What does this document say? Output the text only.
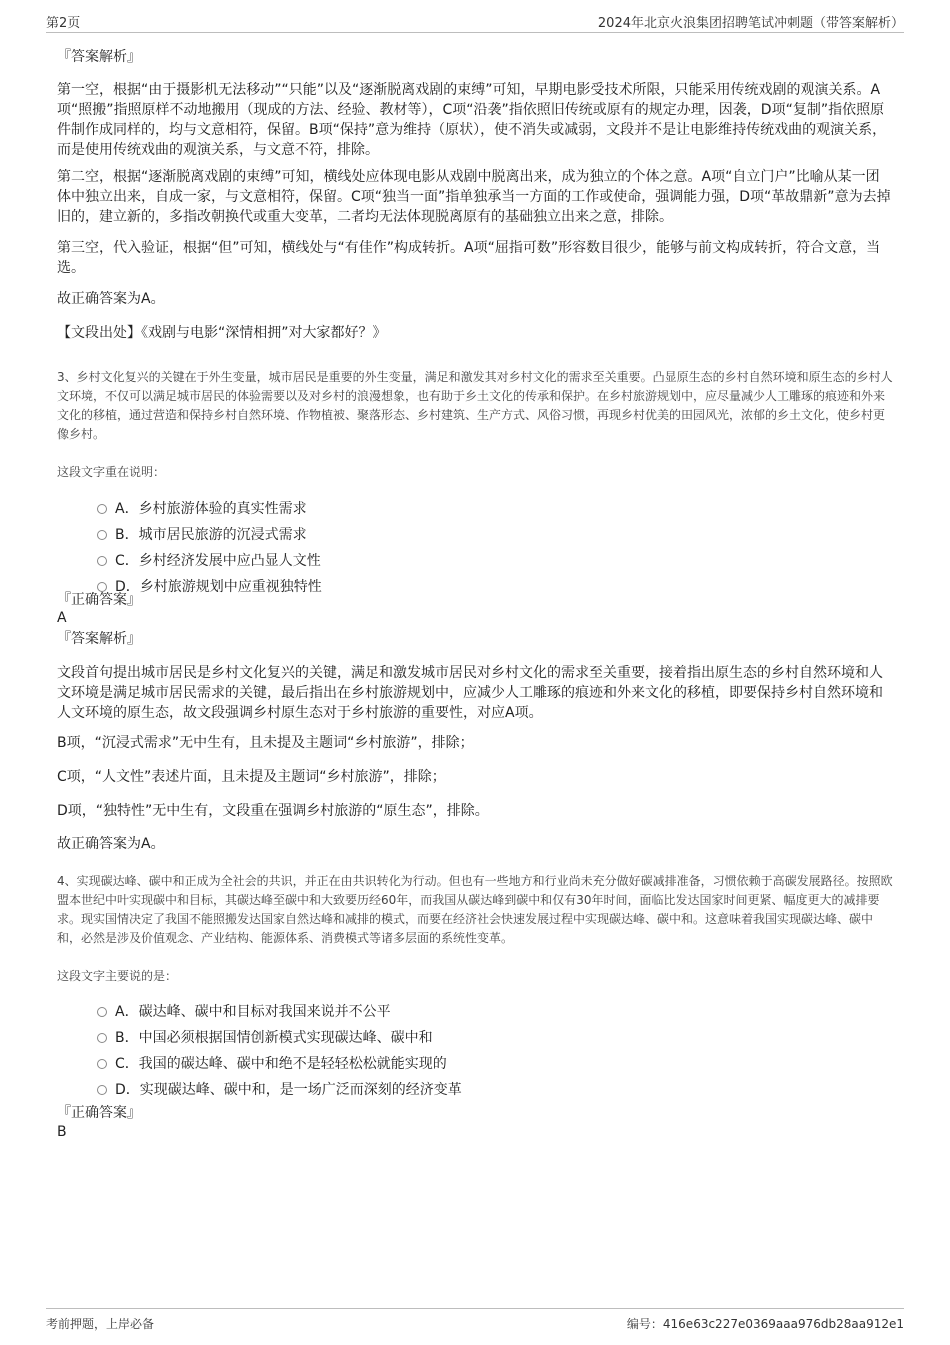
第2页	2024年北京火浪集团招聘笔试冲刺题（带答案解析）
『答案解析』

第一空，根据“由于摄影机无法移动”“只能”以及“逐渐脱离戏剧的束缚”可知，早期电影受技术所限，只能采用传统戏剧的观演关系。A项“照搬”指照原样不动地搬用（现成的方法、经验、教材等），C项“沿袭”指依照旧传统或原有的规定办理，因袭，D项“复制”指依照原件制作成同样的，均与文意相符，保留。B项“保持”意为维持（原状），使不消失或减弱，文段并不是让电影维持传统戏曲的观演关系，而是使用传统戏曲的观演关系，与文意不符，排除。

第二空，根据“逐渐脱离戏剧的束缚”可知，横线处应体现电影从戏剧中脱离出来，成为独立的个体之意。A项“自立门户”比喻从某一团体中独立出来，自成一家，与文意相符，保留。C项“独当一面”指单独承当一方面的工作或使命，强调能力强，D项“革故鼎新”意为去掉旧的，建立新的，多指改朝换代或重大变革，二者均无法体现脱离原有的基础独立出来之意，排除。

第三空，代入验证，根据“但”可知，横线处与“有佳作”构成转折。A项“屈指可数”形容数目很少，能够与前文构成转折，符合文意，当选。

故正确答案为A。

【文段出处】《戏剧与电影“深情相拥”对大家都好？》

3、乡村文化复兴的关键在于外生变量，城市居民是重要的外生变量，满足和激发其对乡村文化的需求至关重要。凸显原生态的乡村自然环境和原生态的乡村人文环境，不仅可以满足城市居民的体验需要以及对乡村的浪漫想象，也有助于乡土文化的传承和保护。在乡村旅游规划中，应尽量减少人工雕琢的痕迹和外来文化的移植，通过营造和保持乡村自然环境、作物植被、聚落形态、乡村建筑、生产方式、风俗习惯，再现乡村优美的田园风光，浓郁的乡土文化，使乡村更像乡村。

这段文字重在说明：

A．乡村旅游体验的真实性需求
B．城市居民旅游的沉浸式需求
C．乡村经济发展中应凸显人文性
D．乡村旅游规划中应重视独特性
『正确答案』
A
『答案解析』

文段首句提出城市居民是乡村文化复兴的关键，满足和激发城市居民对乡村文化的需求至关重要，接着指出原生态的乡村自然环境和人文环境是满足城市居民需求的关键，最后指出在乡村旅游规划中，应减少人工雕琢的痕迹和外来文化的移植，即要保持乡村自然环境和人文环境的原生态，故文段强调乡村原生态对于乡村旅游的重要性，对应A项。

B项，“沉浸式需求”无中生有，且未提及主题词“乡村旅游”，排除；

C项，“人文性”表述片面，且未提及主题词“乡村旅游”，排除；

D项，“独特性”无中生有，文段重在强调乡村旅游的“原生态”，排除。

故正确答案为A。

4、实现碳达峰、碳中和正成为全社会的共识，并正在由共识转化为行动。但也有一些地方和行业尚未充分做好碳减排准备，习惯依赖于高碳发展路径。按照欧盟本世纪中叶实现碳中和目标，其碳达峰至碳中和大致要历经60年，而我国从碳达峰到碳中和仅有30年时间，面临比发达国家时间更紧、幅度更大的减排要求。现实国情决定了我国不能照搬发达国家自然达峰和减排的模式，而要在经济社会快速发展过程中实现碳达峰、碳中和。这意味着我国实现碳达峰、碳中和，必然是涉及价值观念、产业结构、能源体系、消费模式等诸多层面的系统性变革。

这段文字主要说的是：

A．碳达峰、碳中和目标对我国来说并不公平
B．中国必须根据国情创新模式实现碳达峰、碳中和
C．我国的碳达峰、碳中和绝不是轻轻松松就能实现的
D．实现碳达峰、碳中和，是一场广泛而深刻的经济变革
『正确答案』
B
考前押题，上岸必备	编号：416e63c227e0369aaa976db28aa912e1
